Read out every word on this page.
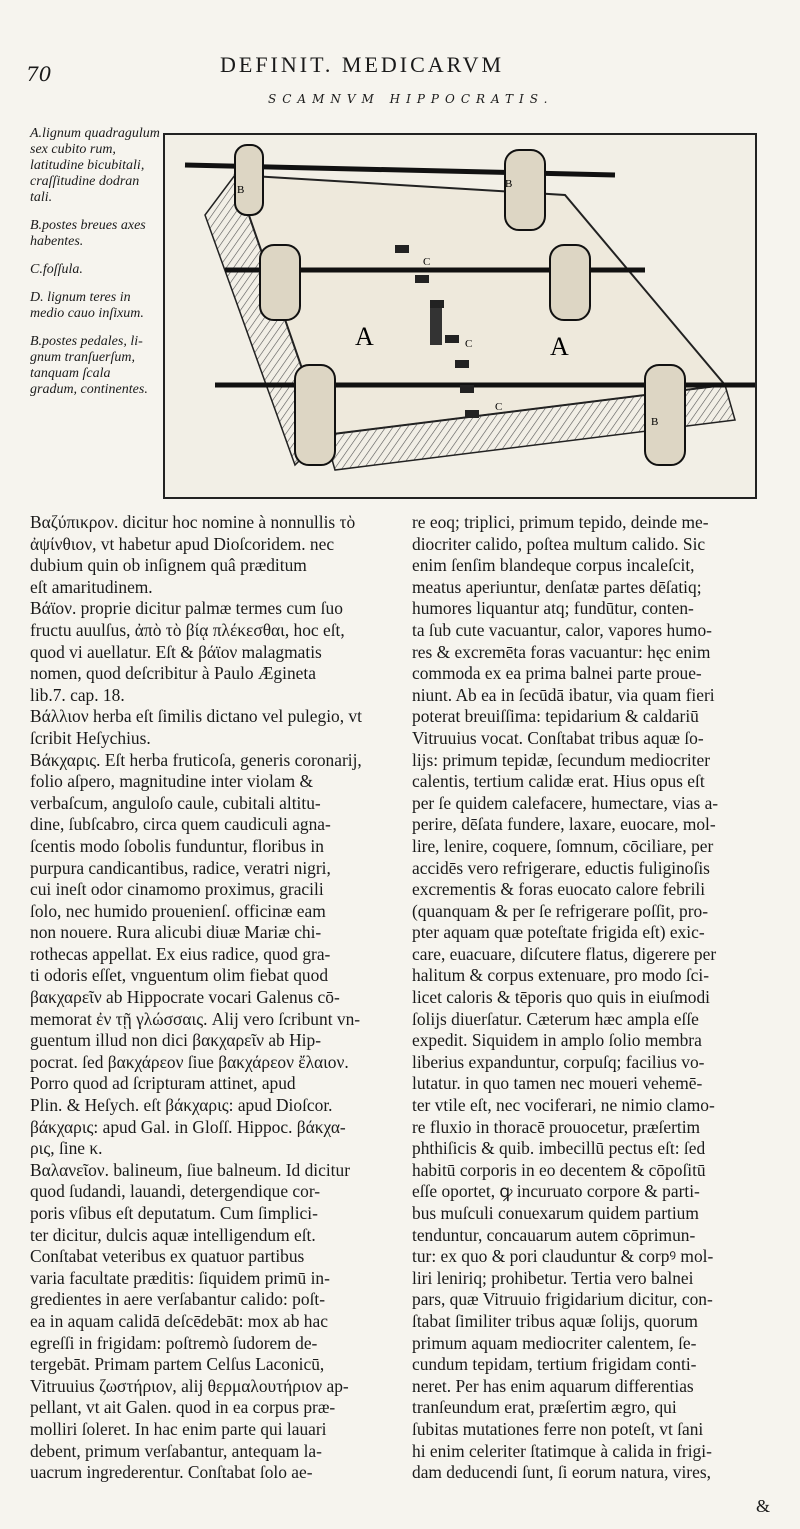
70	DEFINIT. MEDICARVM
SCAMNVM HIPPOCRATIS.
A.lignum quadragulum sex cubito rum, latitudine bicubitali, craſſitudine dodran tali.
B.postes breues axes habentes.
C.foſſula.
D. lignum teres in medio cauo inſixum.
B.postes pedales, lignum tranſuerſum, tanquam ſcala gradum, continentes.
A	A
B	B
B
C
C
C
Βαζύπικρον. dicitur hoc nomine à nonnullis τὸ
ἀψίνθιον, vt habetur apud Dioſcoridem. nec
dubium quin ob inſignem quâ præditum
eſt amaritudinem.
Βάϊον. proprie dicitur palmæ termes cum ſuo
fructu auulſus, ἀπὸ τὸ βίᾳ πλέκεσθαι, hoc eſt,
quod vi auellatur. Eſt & βάϊον malagmatis
nomen, quod deſcribitur à Paulo Ægineta
lib.7. cap. 18.
Βάλλιον herba eſt ſimilis dictano vel pulegio, vt
ſcribit Heſychius.
Βάκχαρις. Eſt herba fruticoſa, generis coronarij,
folio aſpero, magnitudine inter violam &
verbaſcum, anguloſo caule, cubitali altitu-
dine, ſubſcabro, circa quem caudiculi agna-
ſcentis modo ſobolis funduntur, floribus in
purpura candicantibus, radice, veratri nigri,
cui ineſt odor cinamomo proximus, gracili
ſolo, nec humido prouenienſ. officinæ eam
non nouere. Rura alicubi diuæ Mariæ chi-
rothecas appellat. Ex eius radice, quod gra-
ti odoris eſſet, vnguentum olim fiebat quod
βακχαρεῖν ab Hippocrate vocari Galenus cō-
memorat ἐν τῇ γλώσσαις. Alij vero ſcribunt vn-
guentum illud non dici βακχαρεῖν ab Hip-
pocrat. ſed βακχάρεον ſiue βακχάρεον ἔλαιον.
Porro quod ad ſcripturam attinet, apud
Plin. & Heſych. eſt βάκχαρις: apud Dioſcor.
βάκχαρις: apud Gal. in Gloſſ. Hippoc. βάκχα-
ρις, ſine κ.
Βαλανεῖον. balineum, ſiue balneum. Id dicitur
quod ſudandi, lauandi, detergendique cor-
poris vſibus eſt deputatum. Cum ſimplici-
ter dicitur, dulcis aquæ intelligendum eſt.
Conſtabat veteribus ex quatuor partibus
varia facultate præditis: ſiquidem primū in-
gredientes in aere verſabantur calido: poſt-
ea in aquam calidā deſcēdebāt: mox ab hac
egreſſi in frigidam: poſtremò ſudorem de-
tergebāt. Primam partem Celſus Laconicū,
Vitruuius ζωστήριον, alij θερμαλουτήριον ap-
pellant, vt ait Galen. quod in ea corpus præ-
molliri ſoleret. In hac enim parte qui lauari
debent, primum verſabantur, antequam la-
uacrum ingrederentur. Conſtabat ſolo ae-
re eoq; triplici, primum tepido, deinde me-
diocriter calido, poſtea multum calido. Sic
enim ſenſim blandeque corpus incaleſcit,
meatus aperiuntur, denſatæ partes dēſatiq;
humores liquantur atq; fundūtur, conten-
ta ſub cute vacuantur, calor, vapores humo-
res & excremēta foras vacuantur: hęc enim
commoda ex ea prima balnei parte proue-
niunt. Ab ea in ſecūdā ibatur, via quam fieri
poterat breuiſſima: tepidarium & caldariū
Vitruuius vocat. Conſtabat tribus aquæ ſo-
lijs: primum tepidæ, ſecundum mediocriter
calentis, tertium calidæ erat. Hius opus eſt
per ſe quidem calefacere, humectare, vias a-
perire, dēſata fundere, laxare, euocare, mol-
lire, lenire, coquere, ſomnum, cōciliare, per
accidēs vero refrigerare, eductis fuliginoſis
excrementis & foras euocato calore febrili
(quanquam & per ſe refrigerare poſſit, pro-
pter aquam quæ poteſtate frigida eſt) exic-
care, euacuare, diſcutere flatus, digerere per
halitum & corpus extenuare, pro modo ſci-
licet caloris & tēporis quo quis in eiuſmodi
ſolijs diuerſatur. Cæterum hæc ampla eſſe
expedit. Siquidem in amplo ſolio membra
liberius expanduntur, corpuſq; facilius vo-
lutatur. in quo tamen nec moueri vehemē-
ter vtile eſt, nec vociferari, ne nimio clamo-
re fluxio in thoracē prouocetur, præſertim
phthiſicis & quib. imbecillū pectus eſt: ſed
habitū corporis in eo decentem & cōpoſitū
eſſe oportet, ꝙ incuruato corpore & parti-
bus muſculi conuexarum quidem partium
tenduntur, concauarum autem cōprimun-
tur: ex quo & pori clauduntur & corpꝰ mol-
liri leniriq; prohibetur. Tertia vero balnei
pars, quæ Vitruuio frigidarium dicitur, con-
ſtabat ſimiliter tribus aquæ ſolijs, quorum
primum aquam mediocriter calentem, ſe-
cundum tepidam, tertium frigidam conti-
neret. Per has enim aquarum differentias
tranſeundum erat, præſertim ægro, qui
ſubitas mutationes ferre non poteſt, vt ſani
hi enim celeriter ſtatimque à calida in frigi-
dam deducendi ſunt, ſi eorum natura, vires,
&
